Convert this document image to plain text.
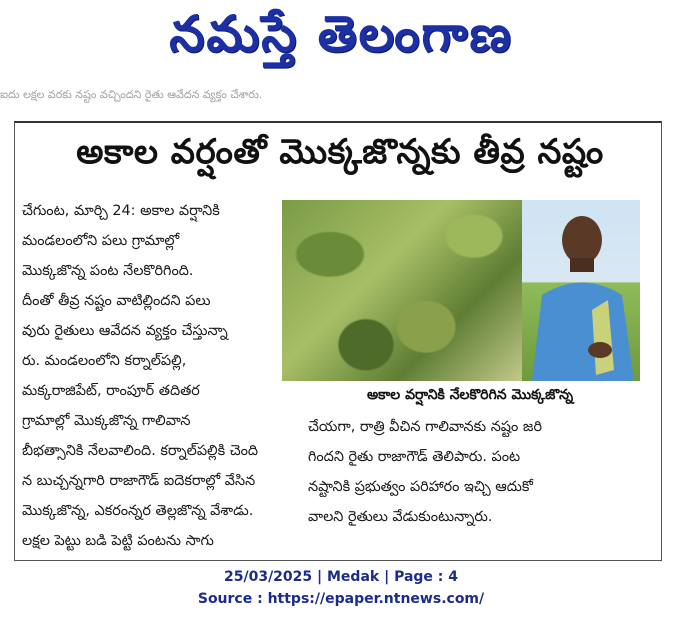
నమస్తే తెలంగాణ
ఐదు లక్షల వరకు నష్టం వచ్చిందని రైతు ఆవేదన వ్యక్తం చేశారు.
అకాల వర్షంతో మొక్కజొన్నకు తీవ్ర నష్టం
చేగుంట, మార్చి 24: అకాల వర్షానికి
మండలంలోని పలు గ్రామాల్లో
మొక్కజొన్న పంట నేలకొరిగింది.
దీంతో తీవ్ర నష్టం వాటిల్లిందని పలు
వురు రైతులు ఆవేదన వ్యక్తం చేస్తున్నా
రు. మండలంలోని కర్నాల్‌పల్లి,
మక్కరాజిపేట్, రాంపూర్ తదితర
గ్రామాల్లో మొక్కజొన్న గాలివాన
బీభత్సానికి నేలవాలింది. కర్నాల్‌పల్లికి చెంది
న బుచ్చన్నగారి రాజాగౌడ్ ఐదెకరాల్లో వేసిన
మొక్కజొన్న, ఎకరంన్నర తెల్లజొన్న వేశాడు.
లక్షల పెట్టు బడి పెట్టి పంటను సాగు
అకాల వర్షానికి నేలకొరిగిన మొక్కజొన్న
చేయగా, రాత్రి వీచిన గాలివానకు నష్టం జరి
గిందని రైతు రాజాగౌడ్ తెలిపారు. పంట
నష్టానికి ప్రభుత్వం పరిహారం ఇచ్చి ఆదుకో
వాలని రైతులు వేడుకుంటున్నారు.
25/03/2025 | Medak | Page : 4
Source : https://epaper.ntnews.com/
